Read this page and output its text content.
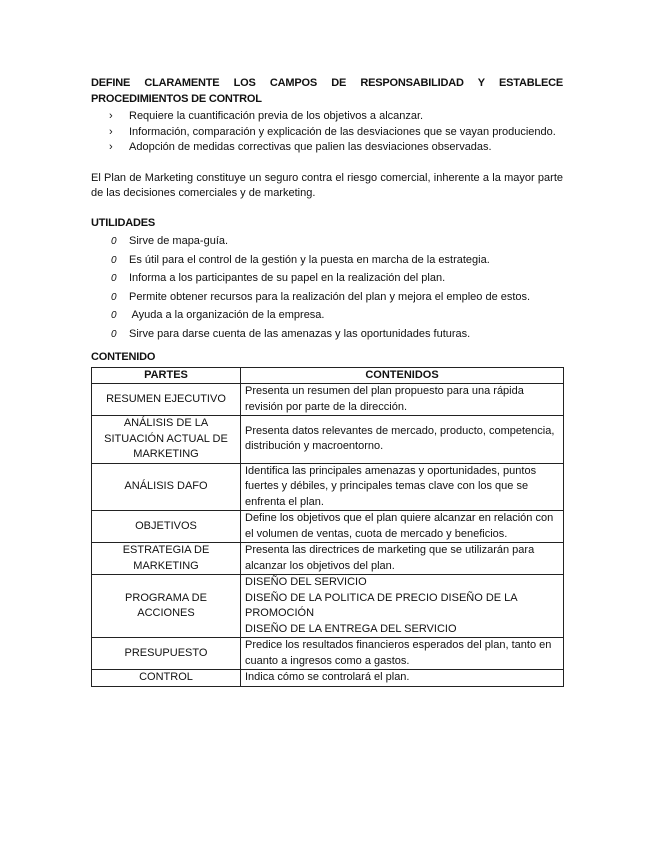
DEFINE CLARAMENTE LOS CAMPOS DE RESPONSABILIDAD Y ESTABLECE
PROCEDIMIENTOS DE CONTROL
› Requiere la cuantificación previa de los objetivos a alcanzar.
› Información, comparación y explicación de las desviaciones que se vayan produciendo.
› Adopción de medidas correctivas que palien las desviaciones observadas.
El Plan de Marketing constituye un seguro contra el riesgo comercial, inherente a la mayor parte de las decisiones comerciales y de marketing.
UTILIDADES
0 Sirve de mapa-guía.
0 Es útil para el control de la gestión y la puesta en marcha de la estrategia.
0 Informa a los participantes de su papel en la realización del plan.
0 Permite obtener recursos para la realización del plan y mejora el empleo de estos.
0 Ayuda a la organización de la empresa.
0 Sirve para darse cuenta de las amenazas y las oportunidades futuras.
CONTENIDO
PARTES	CONTENIDOS
RESUMEN EJECUTIVO	Presenta un resumen del plan propuesto para una rápida revisión por parte de la dirección.
ANÁLISIS DE LA SITUACIÓN ACTUAL DE MARKETING	Presenta datos relevantes de mercado, producto, competencia, distribución y macroentorno.
ANÁLISIS DAFO	Identifica las principales amenazas y oportunidades, puntos fuertes y débiles, y principales temas clave con los que se enfrenta el plan.
OBJETIVOS	Define los objetivos que el plan quiere alcanzar en relación con el volumen de ventas, cuota de mercado y beneficios.
ESTRATEGIA DE MARKETING	Presenta las directrices de marketing que se utilizarán para alcanzar los objetivos del plan.
PROGRAMA DE ACCIONES	DISEÑO DEL SERVICIO
DISEÑO DE LA POLITICA DE PRECIO DISEÑO DE LA PROMOCIÓN
DISEÑO DE LA ENTREGA DEL SERVICIO

PRESUPUESTO	Predice los resultados financieros esperados del plan, tanto en cuanto a ingresos como a gastos.
CONTROL	Indica cómo se controlará el plan.
